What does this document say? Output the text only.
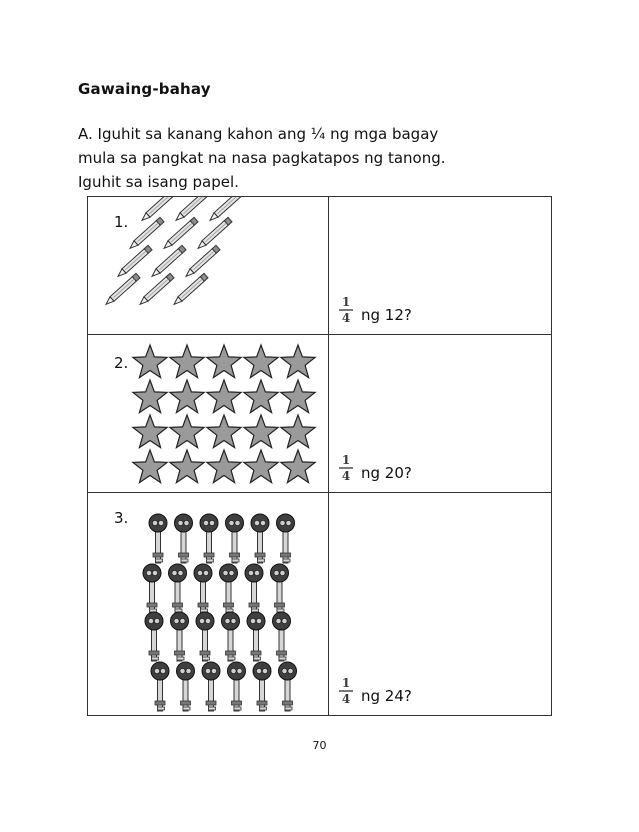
Gawaing-bahay

A. Iguhit sa kanang kahon ang ¼ ng mga bagay

mula sa pangkat na nasa pagkatapos ng tanong.

Iguhit sa isang papel.

1.	1
4 ng 12?

2.	1
4 ng 20?

3.	1
4 ng 24?
70
